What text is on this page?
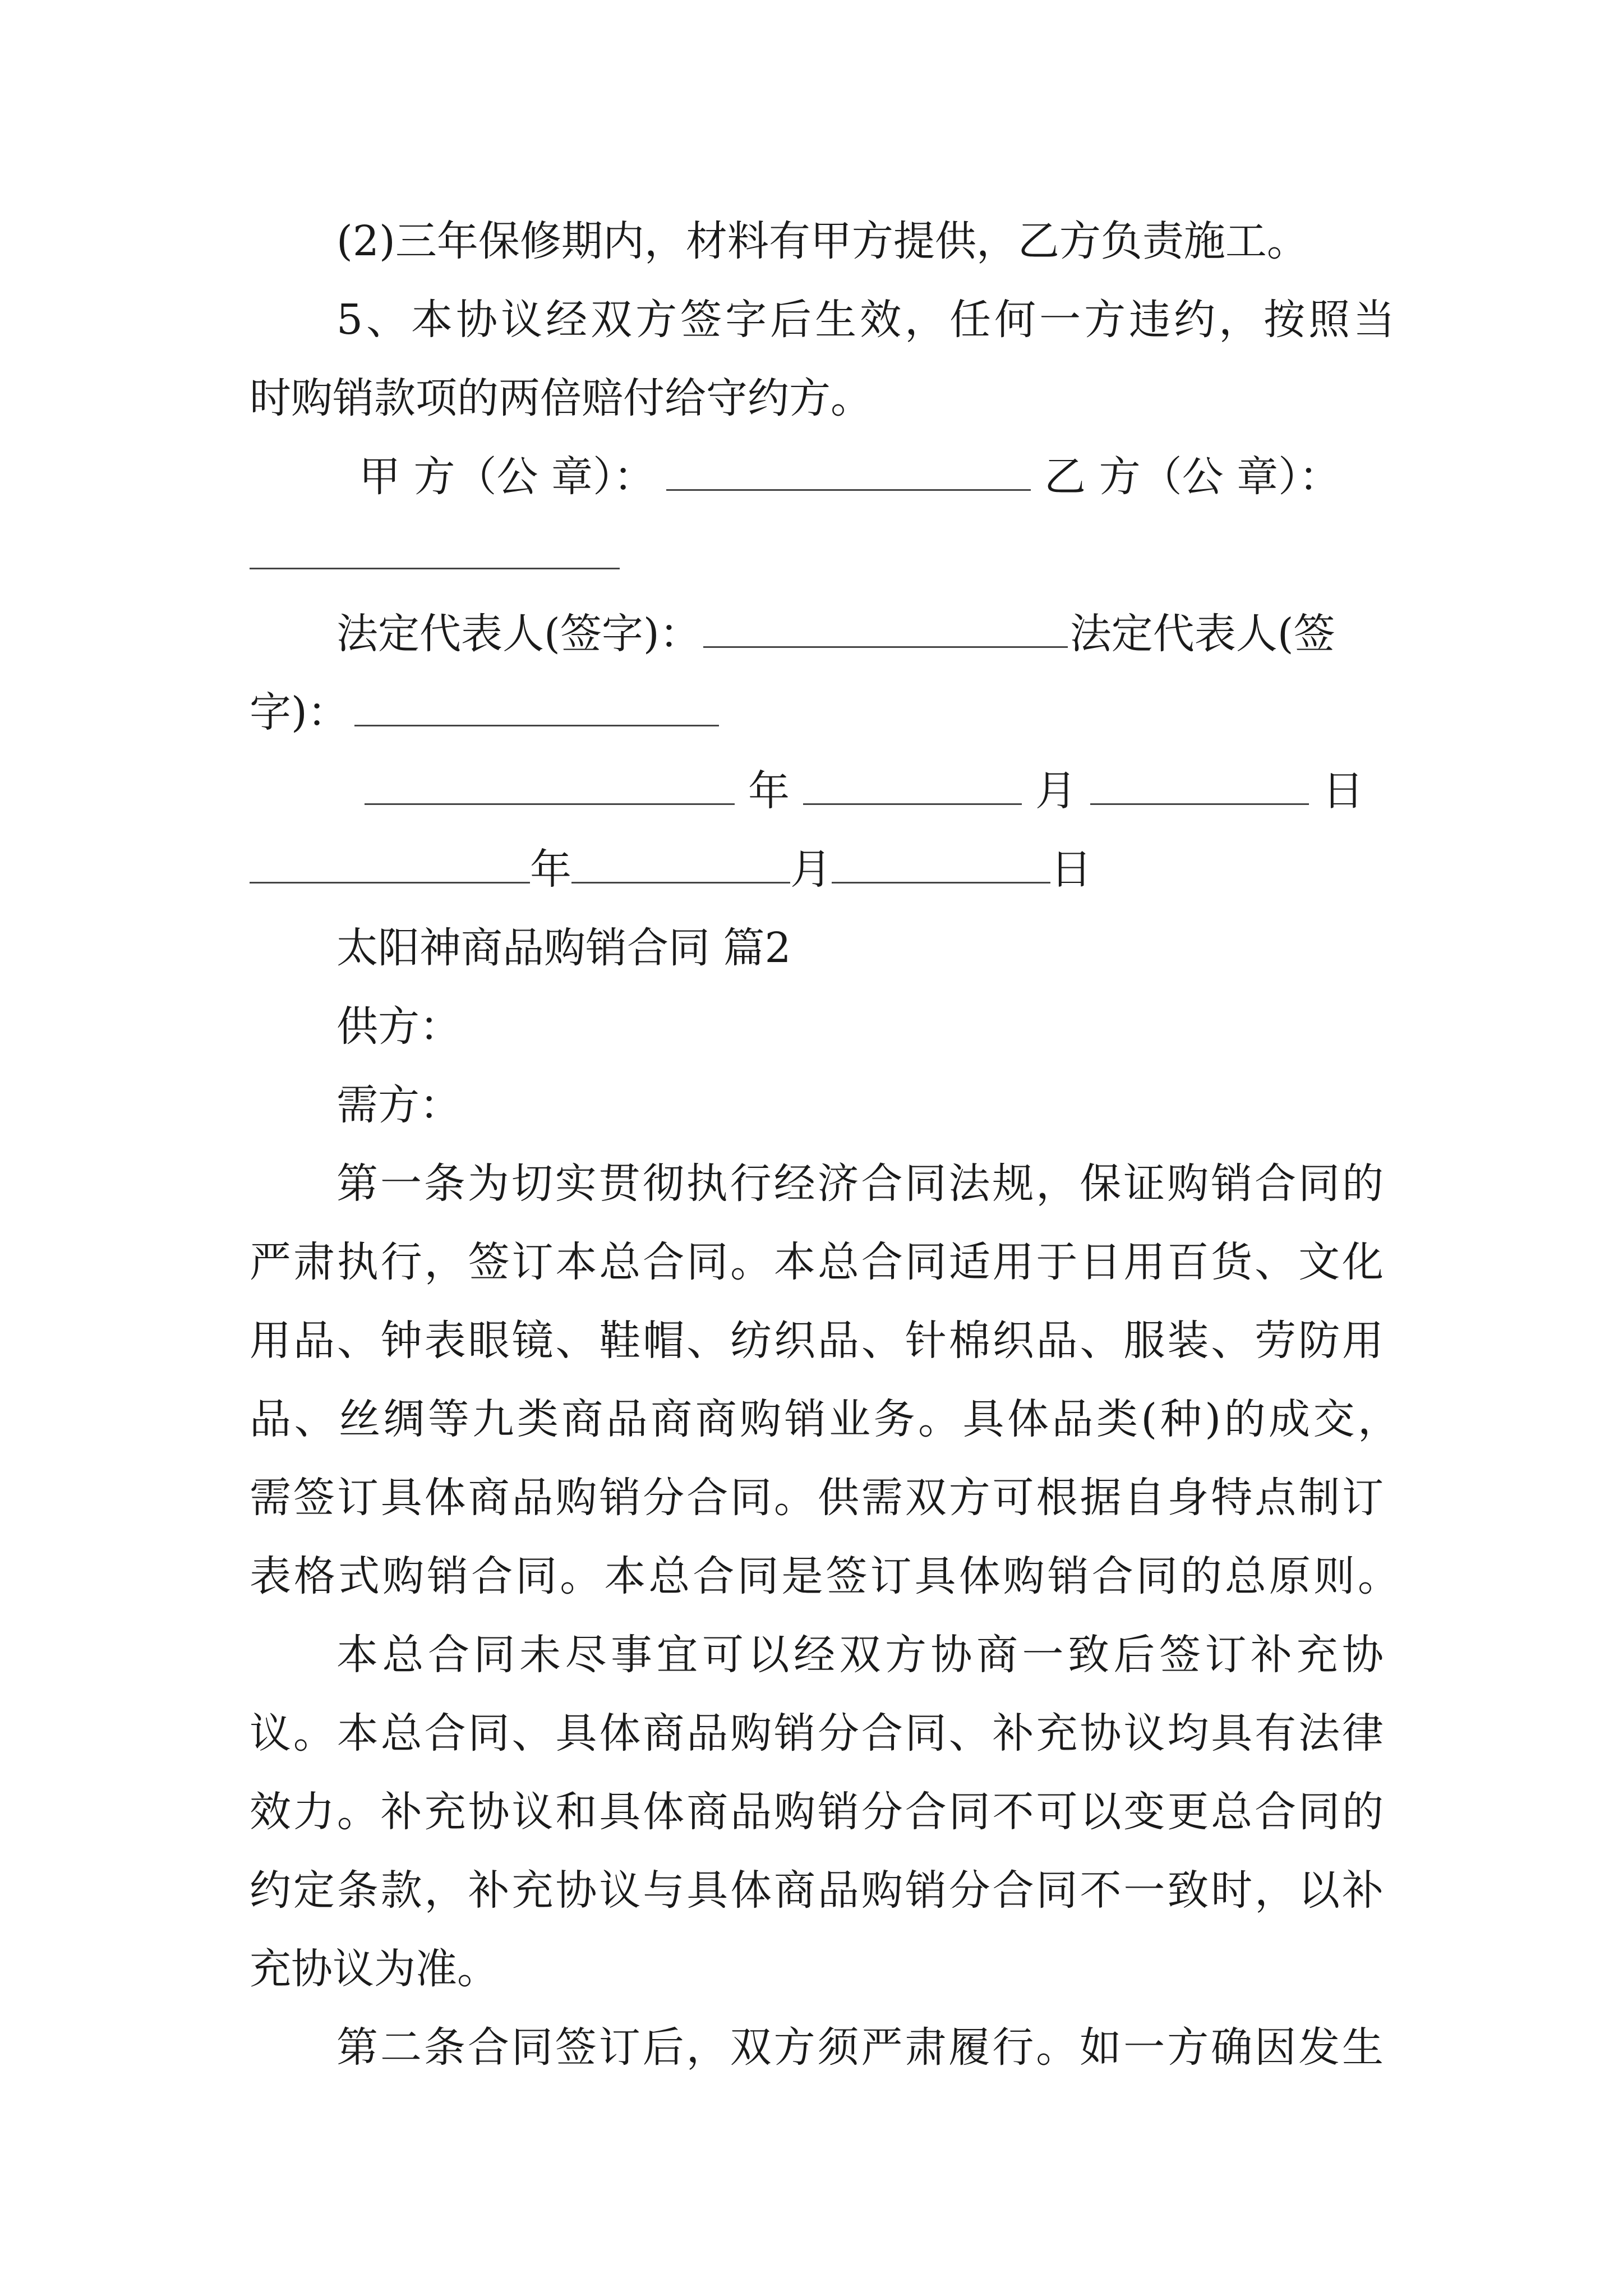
(2)三年保修期内，材料有甲方提供，乙方负责施工。
5、本协议经双方签字后生效，任何一方违约，按照当
时购销款项的两倍赔付给守约方。
甲 方（公 章）：	乙 方（公 章）：
法定代表人(签字)：	法定代表人(签
字)：
年	月	日
年	月	日
太阳神商品购销合同 篇2
供方：
需方：
第一条为切实贯彻执行经济合同法规，保证购销合同的
严肃执行，签订本总合同。本总合同适用于日用百货、文化
用品、钟表眼镜、鞋帽、纺织品、针棉织品、服装、劳防用
品、丝绸等九类商品商商购销业务。具体品类(种)的成交，
需签订具体商品购销分合同。供需双方可根据自身特点制订
表格式购销合同。本总合同是签订具体购销合同的总原则。
本总合同未尽事宜可以经双方协商一致后签订补充协
议。本总合同、具体商品购销分合同、补充协议均具有法律
效力。补充协议和具体商品购销分合同不可以变更总合同的
约定条款，补充协议与具体商品购销分合同不一致时，以补
充协议为准。
第二条合同签订后，双方须严肃履行。如一方确因发生
